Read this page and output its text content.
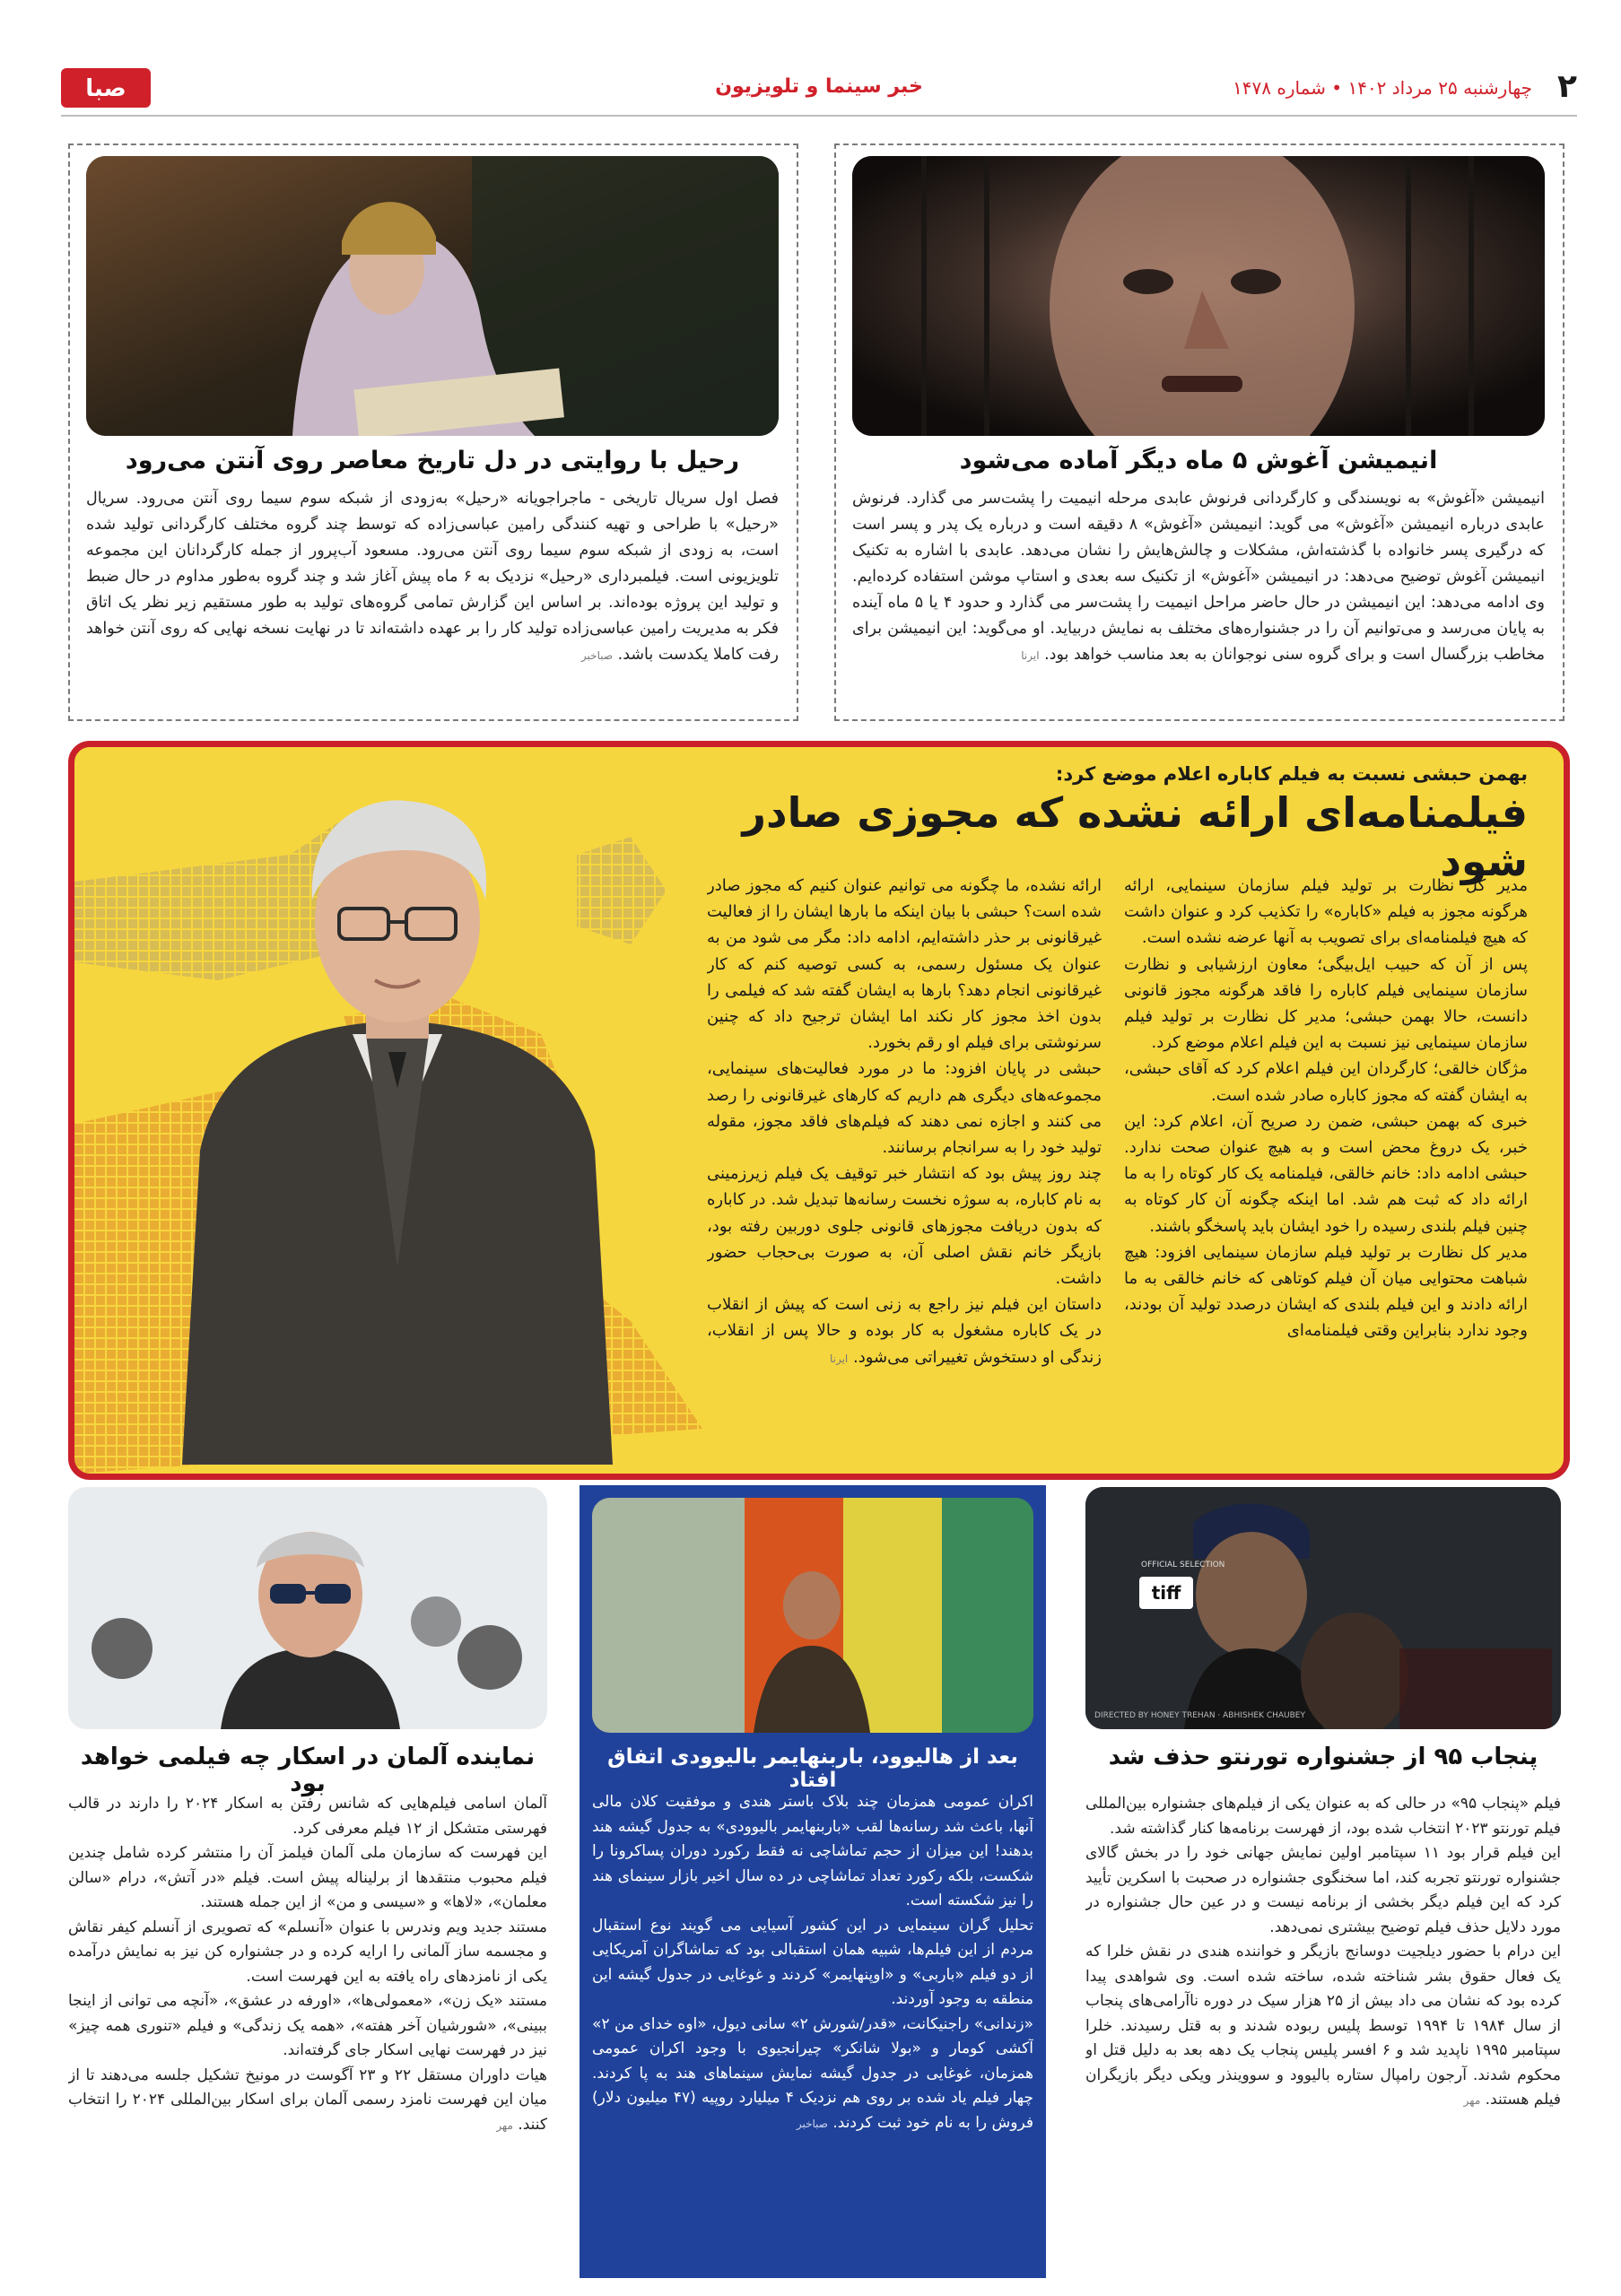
۲
چهارشنبه ۲۵ مرداد ۱۴۰۲ • شماره ۱۴۷۸
خبر سینما و تلویزیون
صبا
انیمیشن آغوش ۵ ماه دیگر آماده می‌شود

انیمیشن «آغوش» به نویسندگی و کارگردانی فرنوش عابدی مرحله انیمیت را پشت‌سر می گذارد. فرنوش عابدی درباره انیمیشن «آغوش» می گوید: انیمیشن «آغوش» ۸ دقیقه است و درباره یک پدر و پسر است که درگیری پسر خانواده با گذشته‌اش، مشکلات و چالش‌هایش را نشان می‌دهد. عابدی با اشاره به تکنیک انیمیشن آغوش توضیح می‌دهد: در انیمیشن «آغوش» از تکنیک سه بعدی و استاپ موشن استفاده کرده‌ایم. وی ادامه می‌دهد: این انیمیشن در حال حاضر مراحل انیمیت را پشت‌سر می گذارد و حدود ۴ یا ۵ ماه آینده به پایان می‌رسد و می‌توانیم آن را در جشنواره‌های مختلف به نمایش دربیاید. او می‌گوید: این انیمیشن برای مخاطب بزرگسال است و برای گروه سنی نوجوانان به بعد مناسب خواهد بود. ایرنا

رحیل با روایتی در دل تاریخ معاصر روی آنتن می‌رود

فصل اول سریال تاریخی - ماجراجویانه «رحیل» به‌زودی از شبکه سوم سیما روی آنتن می‌رود. سریال «رحیل» با طراحی و تهیه کنندگی رامین عباسی‌زاده که توسط چند گروه مختلف کارگردانی تولید شده است، به زودی از شبکه سوم سیما روی آنتن می‌رود. مسعود آب‌پرور از جمله کارگردانان این مجموعه تلویزیونی است. فیلمبرداری «رحیل» نزدیک به ۶ ماه پیش آغاز شد و چند گروه به‌طور مداوم در حال ضبط و تولید این پروژه بوده‌اند. بر اساس این گزارش تمامی گروه‌های تولید به طور مستقیم زیر نظر یک اتاق فکر به مدیریت رامین عباسی‌زاده تولید کار را بر عهده داشته‌اند تا در نهایت نسخه نهایی که روی آنتن خواهد رفت کاملا یکدست باشد. صباخبر

بهمن حبشی نسبت به فیلم کاباره اعلام موضع کرد:
فیلمنامه‌ای ارائه نشده که مجوزی صادر شود

مدیر کل نظارت بر تولید فیلم سازمان سینمایی، ارائه هرگونه مجوز به فیلم «کاباره» را تکذیب کرد و عنوان داشت که هیچ فیلمنامه‌ای برای تصویب به آنها عرضه نشده است.

پس از آن که حبیب ایل‌بیگی؛ معاون ارزشیابی و نظارت سازمان سینمایی فیلم کاباره را فاقد هرگونه مجوز قانونی دانست، حالا بهمن حبشی؛ مدیر کل نظارت بر تولید فیلم سازمان سینمایی نیز نسبت به این فیلم اعلام موضع کرد.

مژگان خالقی؛ کارگردان این فیلم اعلام کرد که آقای حبشی، به ایشان گفته که مجوز کاباره صادر شده است.

خبری که بهمن حبشی، ضمن رد صریح آن، اعلام کرد: این خبر، یک دروغ محض است و به هیچ عنوان صحت ندارد. حبشی ادامه داد: خانم خالقی، فیلمنامه یک کار کوتاه را به ما ارائه داد که ثبت هم شد. اما اینکه چگونه آن کار کوتاه به چنین فیلم بلندی رسیده را خود ایشان باید پاسخگو باشند.

مدیر کل نظارت بر تولید فیلم سازمان سینمایی افزود: هیچ شباهت محتوایی میان آن فیلم کوتاهی که خانم خالقی به ما ارائه دادند و این فیلم بلندی که ایشان درصدد تولید آن بودند، وجود ندارد بنابراین وقتی فیلمنامه‌ای

ارائه نشده، ما چگونه می توانیم عنوان کنیم که مجوز صادر شده است؟ حبشی با بیان اینکه ما بارها ایشان را از فعالیت غیرقانونی بر حذر داشته‌ایم، ادامه داد: مگر می شود من به عنوان یک مسئول رسمی، به کسی توصیه کنم که کار غیرقانونی انجام دهد؟ بارها به ایشان گفته شد که فیلمی را بدون اخذ مجوز کار نکند اما ایشان ترجیح داد که چنین سرنوشتی برای فیلم او رقم بخورد.

حبشی در پایان افزود: ما در مورد فعالیت‌های سینمایی، مجموعه‌های دیگری هم داریم که کارهای غیرقانونی را رصد می کنند و اجازه نمی دهند که فیلم‌های فاقد مجوز، مقوله تولید خود را به سرانجام برسانند.

چند روز پیش بود که انتشار خبر توقیف یک فیلم زیرزمینی به نام کاباره، به سوژه نخست رسانه‌ها تبدیل شد. در کاباره که بدون دریافت مجوزهای قانونی جلوی دوربین رفته بود، بازیگر خانم نقش اصلی آن، به صورت بی‌حجاب حضور داشت.

داستان این فیلم نیز راجع به زنی است که پیش از انقلاب در یک کاباره مشغول به کار بوده و حالا پس از انقلاب، زندگی او دستخوش تغییراتی می‌شود. ایرنا

tiff
OFFICIAL SELECTION
DIRECTED BY HONEY TREHAN · ABHISHEK CHAUBEY
پنجاب ۹۵ از جشنواره تورنتو حذف شد

فیلم «پنجاب ۹۵» در حالی که به عنوان یکی از فیلم‌های جشنواره بین‌المللی فیلم تورنتو ۲۰۲۳ انتخاب شده بود، از فهرست برنامه‌ها کنار گذاشته شد.

این فیلم قرار بود ۱۱ سپتامبر اولین نمایش جهانی خود را در بخش گالای جشنواره تورنتو تجربه کند، اما سخنگوی جشنواره در صحبت با اسکرین تأیید کرد که این فیلم دیگر بخشی از برنامه نیست و در عین حال جشنواره در مورد دلایل حذف فیلم توضیح بیشتری نمی‌دهد.

این درام با حضور دیلجیت دوسانج بازیگر و خواننده هندی در نقش خلرا که یک فعال حقوق بشر شناخته شده، ساخته شده است. وی شواهدی پیدا کرده بود که نشان می داد بیش از ۲۵ هزار سیک در دوره ناآرامی‌های پنجاب از سال ۱۹۸۴ تا ۱۹۹۴ توسط پلیس ربوده شدند و به قتل رسیدند. خلرا سپتامبر ۱۹۹۵ ناپدید شد و ۶ افسر پلیس پنجاب یک دهه بعد به دلیل قتل او محکوم شدند. آرجون رامپال ستاره بالیوود و سووینذر ویکی دیگر بازیگران فیلم هستند. مهر

بعد از هالیوود، باربنهایمر بالیوودی اتفاق افتاد

اکران عمومی همزمان چند بلاک باستر هندی و موفقیت کلان مالی آنها، باعث شد رسانه‌ها لقب «باربنهایمر بالیوودی» به جدول گیشه هند بدهند! این میزان از حجم تماشاچی نه فقط رکورد دوران پساکرونا را شکست، بلکه رکورد تعداد تماشاچی در ده سال اخیر بازار سینمای هند را نیز شکسته است.

تحلیل گران سینمایی در این کشور آسیایی می گویند نوع استقبال مردم از این فیلم‌ها، شبیه همان استقبالی بود که تماشاگران آمریکایی از دو فیلم «باربی» و «اوپنهایمر» کردند و غوغایی در جدول گیشه این منطقه به وجود آوردند.

«زندانی» راجنیکانت، «قدر/شورش ۲» سانی دیول، «اوه خدای من ۲» آکشی کومار و «بولا شانکر» چیرانجیوی با وجود اکران عمومی همزمان، غوغایی در جدول گیشه نمایش سینماهای هند به پا کردند. چهار فیلم یاد شده بر روی هم نزدیک ۴ میلیارد روپیه (۴۷ میلیون دلار) فروش را به نام خود ثبت کردند. صباخبر

نماینده آلمان در اسکار چه فیلمی خواهد بود

آلمان اسامی فیلم‌هایی که شانس رفتن به اسکار ۲۰۲۴ را دارند در قالب فهرستی متشکل از ۱۲ فیلم معرفی کرد.

این فهرست که سازمان ملی آلمان فیلمز آن را منتشر کرده شامل چندین فیلم محبوب منتقدها از برلیناله پیش است. فیلم «در آتش»، درام «سالن معلمان»، «لاها» و «سیسی و من» از این جمله هستند.

مستند جدید ویم وندرس با عنوان «آنسلم» که تصویری از آنسلم کیفر نقاش و مجسمه ساز آلمانی را ارایه کرده و در جشنواره کن نیز به نمایش درآمده یکی از نامزدهای راه یافته به این فهرست است.

مستند «یک زن»، «معمولی‌ها»، «اورفه در عشق»، «آنچه می توانی از اینجا ببینی»، «شورشیان آخر هفته»، «همه یک زندگی» و فیلم «تنوری همه چیز» نیز در فهرست نهایی اسکار جای گرفته‌اند.

هیات داوران مستقل ۲۲ و ۲۳ آگوست در مونیخ تشکیل جلسه می‌دهند تا از میان این فهرست نامزد رسمی آلمان برای اسکار بین‌المللی ۲۰۲۴ را انتخاب کنند. مهر
